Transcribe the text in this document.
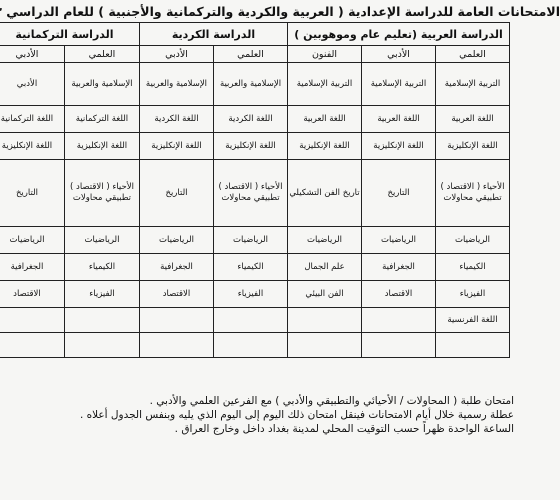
الامتحانات العامة للدراسة الإعدادية ( العربية والكردية والتركمانية والأجنبية ) للعام الدراسي
الدراسة العربية (تعليم عام وموهوبين )			الدراسة الكردية		الدراسة التركمانية	
العلمي	الأدبي	الفنون	العلمي	الأدبي	العلمي	الأدبي
التربية الإسلامية	التربية الإسلامية	التربية الإسلامية	الإسلامية والعربية	الإسلامية والعربية	الإسلامية والعربية	الأدبي
اللغة العربية	اللغة العربية	اللغة العربية	اللغة الكردية	اللغة الكردية	اللغة التركمانية	اللغة التركمانية
اللغة الإنكليزية	اللغة الإنكليزية	اللغة الإنكليزية	اللغة الإنكليزية	اللغة الإنكليزية	اللغة الإنكليزية	اللغة الإنكليزية
الأحياء ( الاقتصاد ) تطبيقي محاولات	التاريخ	تاريخ الفن التشكيلي	الأحياء ( الاقتصاد ) تطبيقي محاولات	التاريخ	الأحياء ( الاقتصاد ) تطبيقي محاولات	التاريخ
الرياضيات	الرياضيات	الرياضيات	الرياضيات	الرياضيات	الرياضيات	الرياضيات
الكيمياء	الجغرافية	علم الجمال	الكيمياء	الجغرافية	الكيمياء	الجغرافية
الفيزياء	الاقتصاد	الفن البيئي	الفيزياء	الاقتصاد	الفيزياء	الاقتصاد
اللغة الفرنسية						

امتحان طلبة ( المحاولات / الأحيائي والتطبيقي والأدبي ) مع الفرعين العلمي والأدبي .
عطلة رسمية خلال أيام الامتحانات فينقل امتحان ذلك اليوم إلى اليوم الذي يليه وبنفس الجدول أعلاه .
الساعة الواحدة ظهراً حسب التوقيت المحلي لمدينة بغداد داخل وخارج العراق .
